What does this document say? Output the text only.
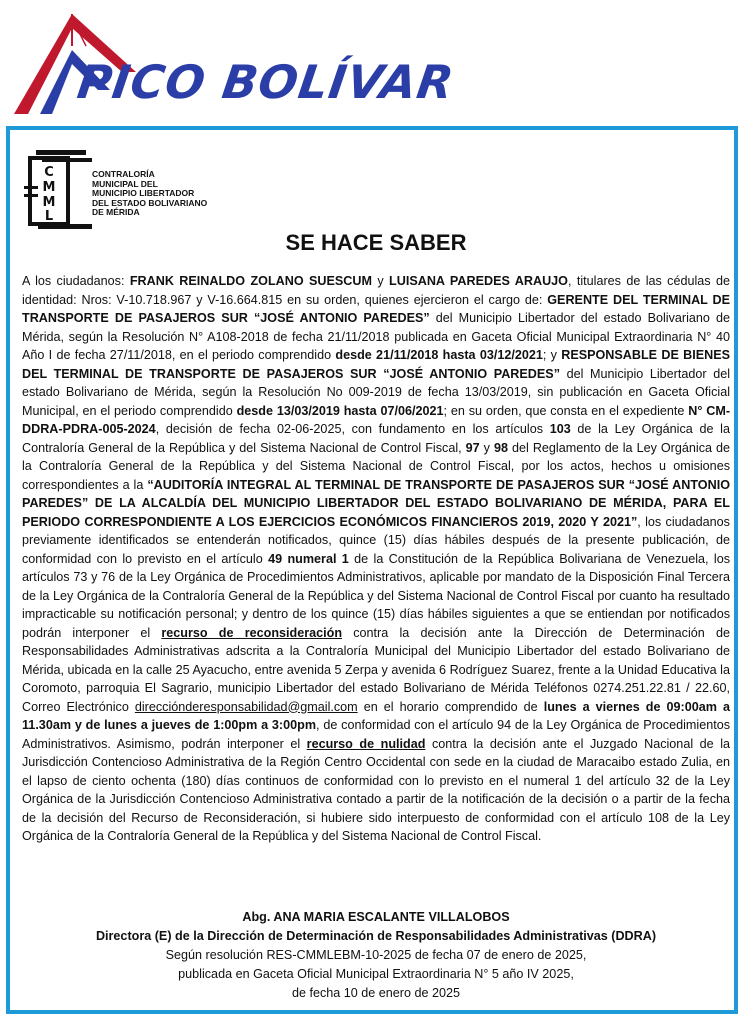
PICO BOLÍVAR
C
M
M
L
CONTRALORÍA
MUNICIPAL DEL
MUNICIPIO LIBERTADOR
DEL ESTADO BOLIVARIANO
DE MÉRIDA
SE HACE SABER
A los ciudadanos: FRANK REINALDO ZOLANO SUESCUM y LUISANA PAREDES ARAUJO, titulares de las cédulas de identidad: Nros: V-10.718.967 y V-16.664.815 en su orden, quienes ejercieron el cargo de: GERENTE DEL TERMINAL DE TRANSPORTE DE PASAJEROS SUR “JOSÉ ANTONIO PAREDES” del Municipio Libertador del estado Bolivariano de Mérida, según la Resolución N° A108-2018 de fecha 21/11/2018 publicada en Gaceta Oficial Municipal Extraordinaria N° 40 Año I de fecha 27/11/2018, en el periodo comprendido desde 21/11/2018 hasta 03/12/2021; y RESPONSABLE DE BIENES DEL TERMINAL DE TRANSPORTE DE PASAJEROS SUR “JOSÉ ANTONIO PAREDES” del Municipio Libertador del estado Bolivariano de Mérida, según la Resolución No 009-2019 de fecha 13/03/2019, sin publicación en Gaceta Oficial Municipal, en el periodo comprendido desde 13/03/2019 hasta 07/06/2021; en su orden, que consta en el expediente N° CM-DDRA-PDRA-005-2024, decisión de fecha 02-06-2025, con fundamento en los artículos 103 de la Ley Orgánica de la Contraloría General de la República y del Sistema Nacional de Control Fiscal, 97 y 98 del Reglamento de la Ley Orgánica de la Contraloría General de la República y del Sistema Nacional de Control Fiscal, por los actos, hechos u omisiones correspondientes a la “AUDITORÍA INTEGRAL AL TERMINAL DE TRANSPORTE DE PASAJEROS SUR “JOSÉ ANTONIO PAREDES” DE LA ALCALDÍA DEL MUNICIPIO LIBERTADOR DEL ESTADO BOLIVARIANO DE MÉRIDA, PARA EL PERIODO CORRESPONDIENTE A LOS EJERCICIOS ECONÓMICOS FINANCIEROS 2019, 2020 Y 2021”, los ciudadanos previamente identificados se entenderán notificados, quince (15) días hábiles después de la presente publicación, de conformidad con lo previsto en el artículo 49 numeral 1 de la Constitución de la República Bolivariana de Venezuela, los artículos 73 y 76 de la Ley Orgánica de Procedimientos Administrativos, aplicable por mandato de la Disposición Final Tercera de la Ley Orgánica de la Contraloría General de la República y del Sistema Nacional de Control Fiscal por cuanto ha resultado impracticable su notificación personal; y dentro de los quince (15) días hábiles siguientes a que se entiendan por notificados podrán interponer el recurso de reconsideración contra la decisión ante la Dirección de Determinación de Responsabilidades Administrativas adscrita a la Contraloría Municipal del Municipio Libertador del estado Bolivariano de Mérida, ubicada en la calle 25 Ayacucho, entre avenida 5 Zerpa y avenida 6 Rodríguez Suarez, frente a la Unidad Educativa la Coromoto, parroquia El Sagrario, municipio Libertador del estado Bolivariano de Mérida Teléfonos 0274.251.22.81 / 22.60, Correo Electrónico direcciónderesponsabilidad@gmail.com en el horario comprendido de lunes a viernes de 09:00am a 11.30am y de lunes a jueves de 1:00pm a 3:00pm, de conformidad con el artículo 94 de la Ley Orgánica de Procedimientos Administrativos. Asimismo, podrán interponer el recurso de nulidad contra la decisión ante el Juzgado Nacional de la Jurisdicción Contencioso Administrativa de la Región Centro Occidental con sede en la ciudad de Maracaibo estado Zulia, en el lapso de ciento ochenta (180) días continuos de conformidad con lo previsto en el numeral 1 del artículo 32 de la Ley Orgánica de la Jurisdicción Contencioso Administrativa contado a partir de la notificación de la decisión o a partir de la fecha de la decisión del Recurso de Reconsideración, si hubiere sido interpuesto de conformidad con el artículo 108 de la Ley Orgánica de la Contraloría General de la República y del Sistema Nacional de Control Fiscal.
Abg. ANA MARIA ESCALANTE VILLALOBOS
Directora (E) de la Dirección de Determinación de Responsabilidades Administrativas (DDRA)
Según resolución RES-CMMLEBM-10-2025 de fecha 07 de enero de 2025,
publicada en Gaceta Oficial Municipal Extraordinaria N° 5 año IV 2025,
de fecha 10 de enero de 2025
